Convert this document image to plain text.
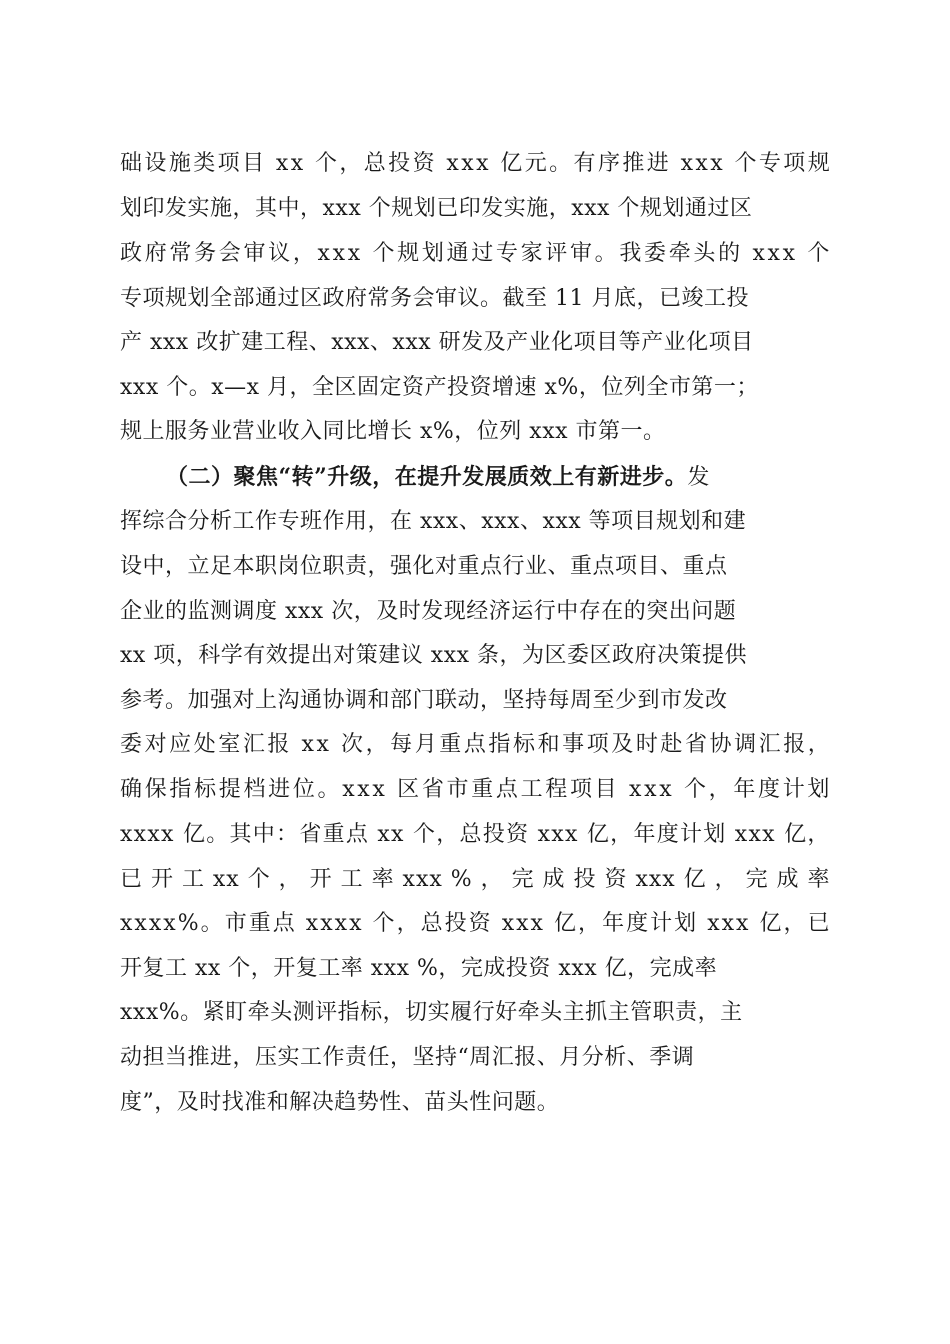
础设施类项目 xx 个，总投资 xxx 亿元。有序推进 xxx 个专项规
划印发实施，其中，xxx 个规划已印发实施，xxx 个规划通过区
政府常务会审议，xxx 个规划通过专家评审。我委牵头的 xxx 个
专项规划全部通过区政府常务会审议。截至 11 月底，已竣工投
产 xxx 改扩建工程、xxx、xxx 研发及产业化项目等产业化项目
xxx 个。x—x 月，全区固定资产投资增速 x%，位列全市第一；
规上服务业营业收入同比增长 x%，位列 xxx 市第一。
（二）聚焦“转”升级，在提升发展质效上有新进步。发
挥综合分析工作专班作用，在 xxx、xxx、xxx 等项目规划和建
设中，立足本职岗位职责，强化对重点行业、重点项目、重点
企业的监测调度 xxx 次，及时发现经济运行中存在的突出问题
xx 项，科学有效提出对策建议 xxx 条，为区委区政府决策提供
参考。加强对上沟通协调和部门联动，坚持每周至少到市发改
委对应处室汇报 xx 次，每月重点指标和事项及时赴省协调汇报，
确保指标提档进位。xxx 区省市重点工程项目 xxx 个，年度计划
xxxx 亿。其中：省重点 xx 个，总投资 xxx 亿，年度计划 xxx 亿，
已 开 工 xx 个 ， 开 工 率 xxx % ， 完 成 投 资 xxx 亿 ， 完 成 率
xxxx%。市重点 xxxx 个，总投资 xxx 亿，年度计划 xxx 亿，已
开复工 xx 个，开复工率 xxx %，完成投资 xxx 亿，完成率
xxx%。紧盯牵头测评指标，切实履行好牵头主抓主管职责，主
动担当推进，压实工作责任，坚持“周汇报、月分析、季调
度”，及时找准和解决趋势性、苗头性问题。
